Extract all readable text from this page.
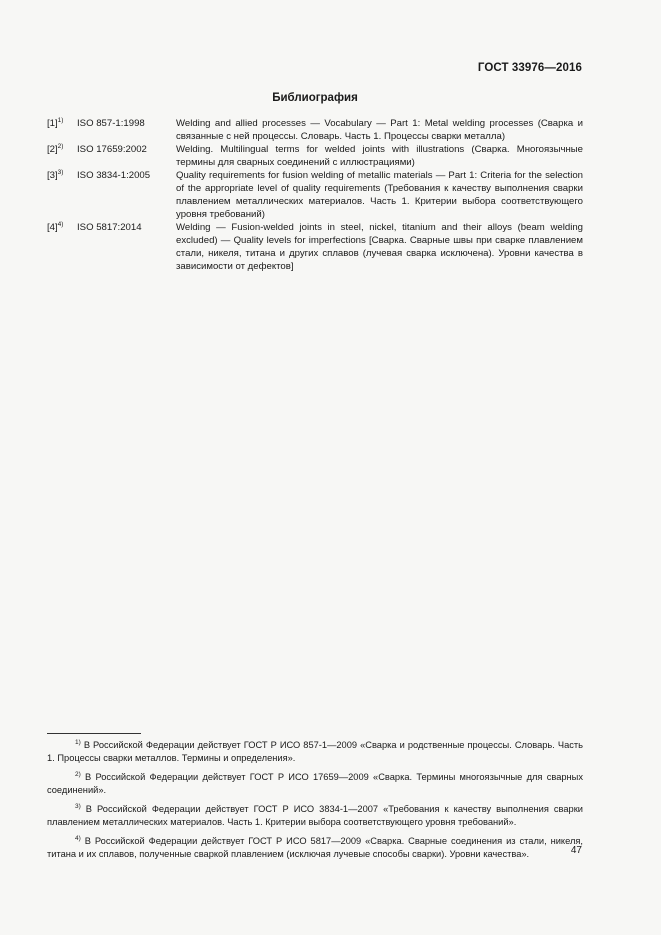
ГОСТ 33976—2016
Библиография
$[1]^{1)}$	ISO 857-1:1998	Welding and allied processes — Vocabulary — Part 1: Metal welding processes (Сварка и связанные с ней процессы. Словарь. Часть 1. Процессы сварки металла)
$[2]^{2)}$	ISO 17659:2002	Welding. Multilingual terms for welded joints with illustrations (Сварка. Многоязычные термины для сварных соединений с иллюстрациями)
$[3]^{3)}$	ISO 3834-1:2005	Quality requirements for fusion welding of metallic materials — Part 1: Criteria for the selection of the appropriate level of quality requirements (Требования к качеству выполнения сварки плавлением металлических материалов. Часть 1. Критерии выбора соответствующего уровня требований)
$[4]^{4)}$	ISO 5817:2014	Welding — Fusion-welded joints in steel, nickel, titanium and their alloys (beam welding excluded) — Quality levels for imperfections [Сварка. Сварные швы при сварке плавлением стали, никеля, титана и других сплавов (лучевая сварка исключена). Уровни качества в зависимости от дефектов]
$^{1)}$ В Российской Федерации действует ГОСТ Р ИСО 857-1—2009 «Сварка и родственные процессы. Словарь. Часть 1. Процессы сварки металлов. Термины и определения».
$^{2)}$ В Российской Федерации действует ГОСТ Р ИСО 17659—2009 «Сварка. Термины многоязычные для сварных соединений».
$^{3)}$ В Российской Федерации действует ГОСТ Р ИСО 3834-1—2007 «Требования к качеству выполнения сварки плавлением металлических материалов. Часть 1. Критерии выбора соответствующего уровня требований».
$^{4)}$ В Российской Федерации действует ГОСТ Р ИСО 5817—2009 «Сварка. Сварные соединения из стали, никеля, титана и их сплавов, полученные сваркой плавлением (исключая лучевые способы сварки). Уровни качества».	47
